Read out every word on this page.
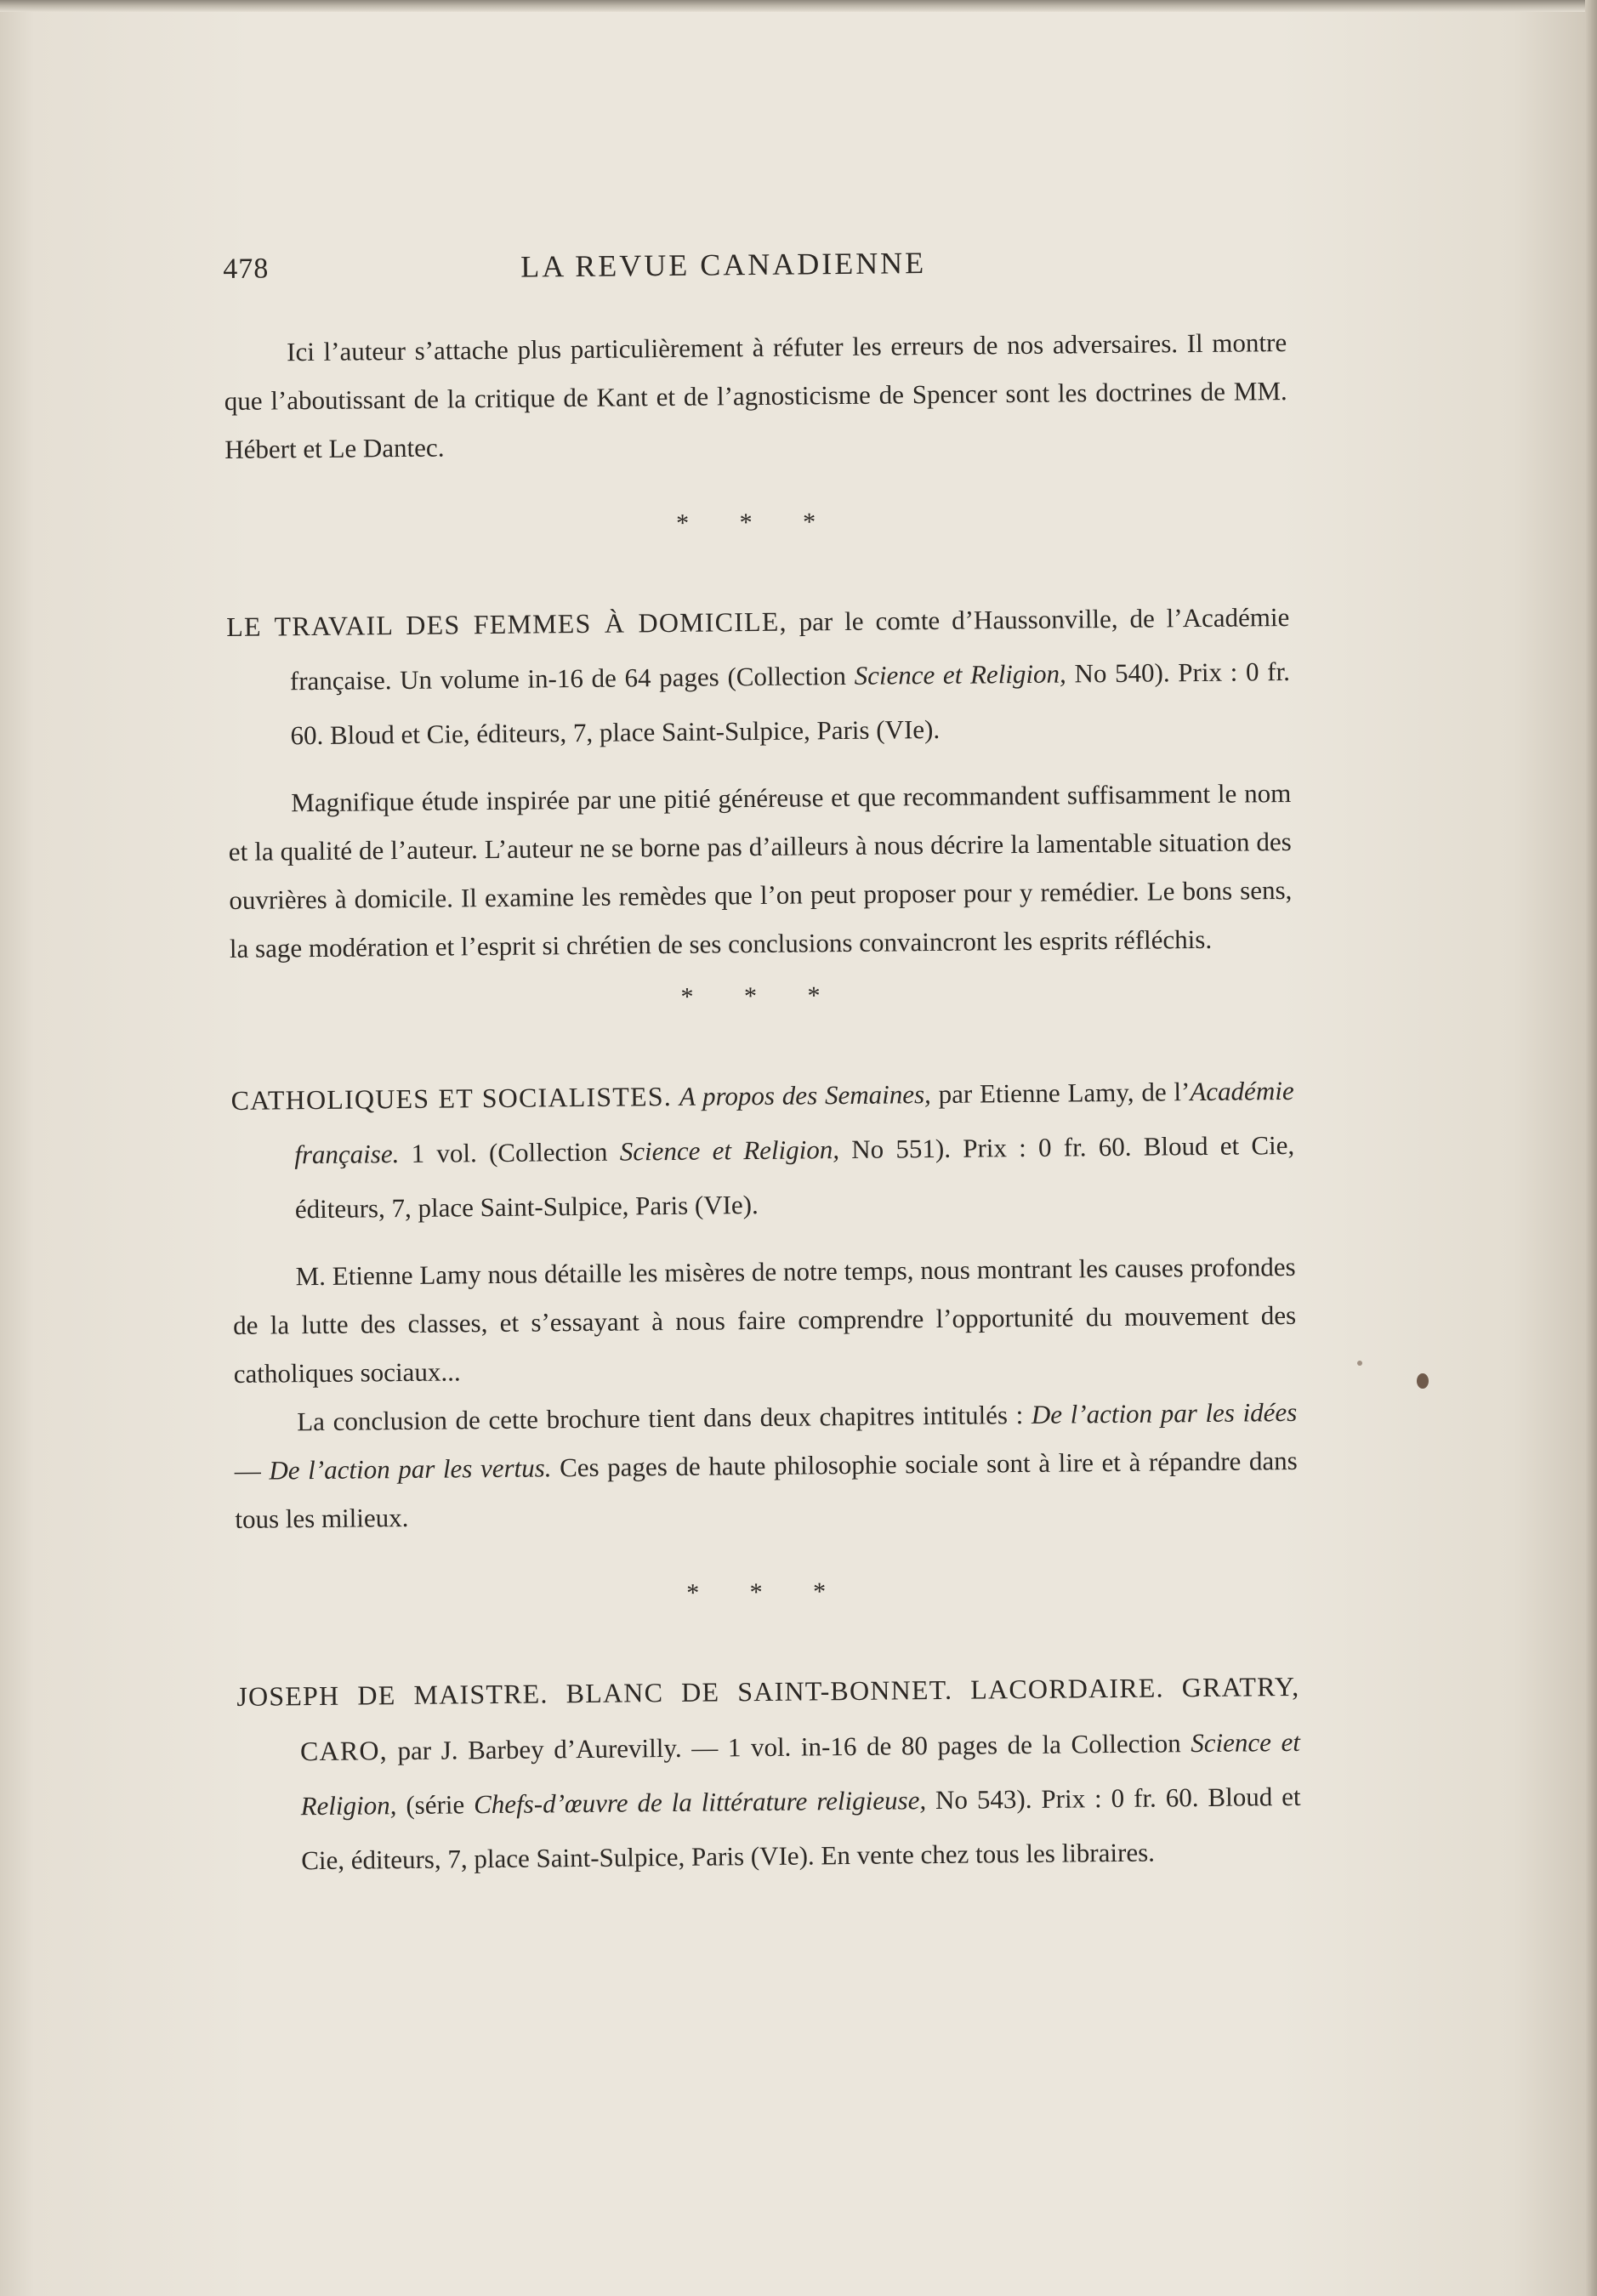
478	LA REVUE CANADIENNE

Ici l’auteur s’attache plus particulièrement à réfuter les erreurs de nos adversaires. Il montre que l’aboutissant de la critique de Kant et de l’agnosticisme de Spencer sont les doctrines de MM. Hébert et Le Dantec.

* * *

LE TRAVAIL DES FEMMES À DOMICILE, par le comte d’Haussonville, de l’Académie française. Un volume in-16 de 64 pages (Collection Science et Religion, No 540). Prix : 0 fr. 60. Bloud et Cie, éditeurs, 7, place Saint-Sulpice, Paris (VIe).

Magnifique étude inspirée par une pitié généreuse et que recommandent suffisamment le nom et la qualité de l’auteur. L’auteur ne se borne pas d’ailleurs à nous décrire la lamentable situation des ouvrières à domicile. Il examine les remèdes que l’on peut proposer pour y remédier. Le bons sens, la sage modération et l’esprit si chrétien de ses conclusions convaincront les esprits réfléchis.

* * *

CATHOLIQUES ET SOCIALISTES. A propos des Semaines, par Etienne Lamy, de l’Académie française. 1 vol. (Collection Science et Religion, No 551). Prix : 0 fr. 60. Bloud et Cie, éditeurs, 7, place Saint-Sulpice, Paris (VIe).

M. Etienne Lamy nous détaille les misères de notre temps, nous montrant les causes profondes de la lutte des classes, et s’essayant à nous faire comprendre l’opportunité du mouvement des catholiques sociaux...

La conclusion de cette brochure tient dans deux chapitres intitulés : De l’action par les idées — De l’action par les vertus. Ces pages de haute philosophie sociale sont à lire et à répandre dans tous les milieux.

* * *

JOSEPH DE MAISTRE. BLANC DE SAINT-BONNET. LACORDAIRE. GRATRY, CARO, par J. Barbey d’Aurevilly. — 1 vol. in-16 de 80 pages de la Collection Science et Religion, (série Chefs-d’œuvre de la littérature religieuse, No 543). Prix : 0 fr. 60. Bloud et Cie, éditeurs, 7, place Saint-Sulpice, Paris (VIe). En vente chez tous les libraires.
